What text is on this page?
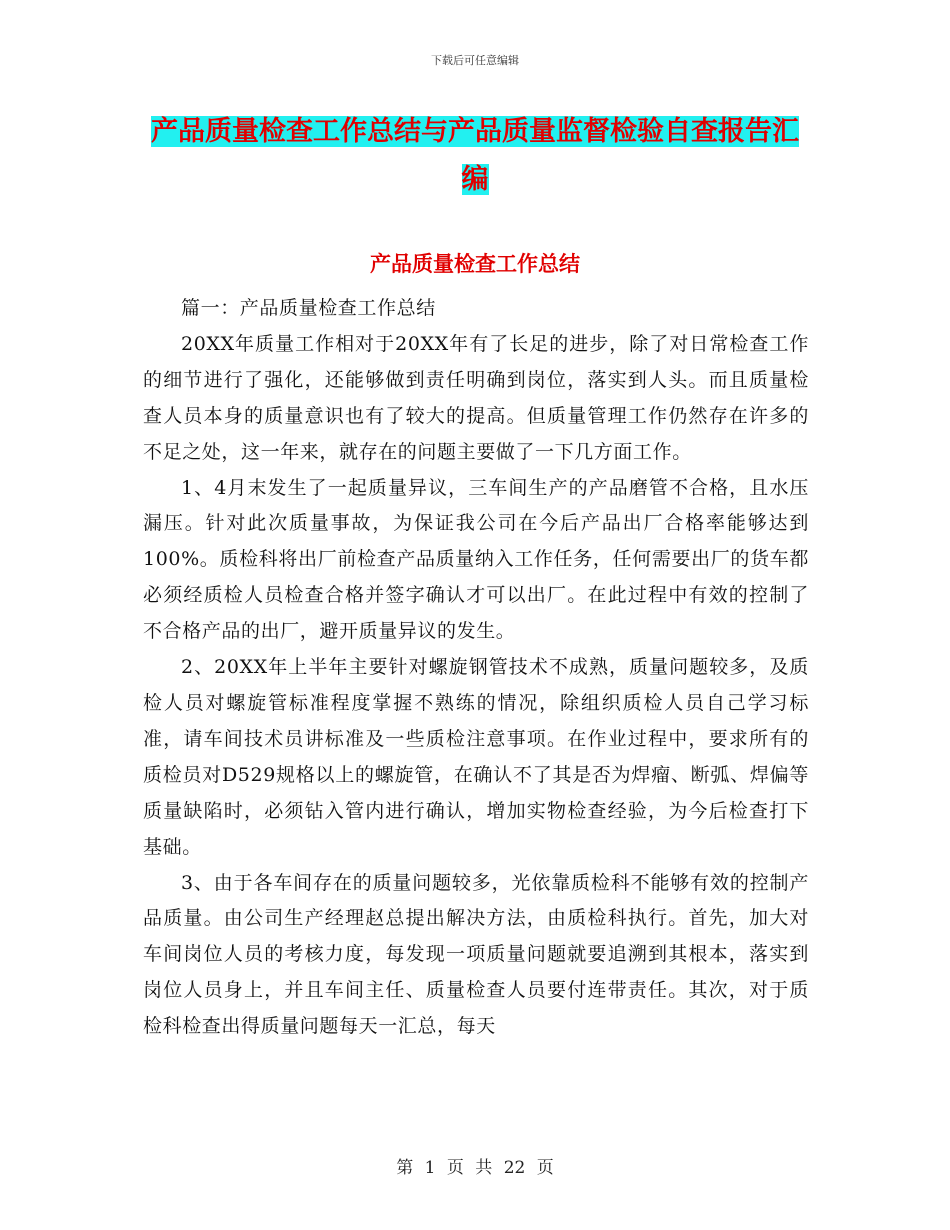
下载后可任意编辑
产品质量检查工作总结与产品质量监督检验自查报告汇编
产品质量检查工作总结

篇一：产品质量检查工作总结

20XX年质量工作相对于20XX年有了长足的进步，除了对日常检查工作的细节进行了强化，还能够做到责任明确到岗位，落实到人头。而且质量检查人员本身的质量意识也有了较大的提高。但质量管理工作仍然存在许多的不足之处，这一年来，就存在的问题主要做了一下几方面工作。

1、4月末发生了一起质量异议，三车间生产的产品磨管不合格，且水压漏压。针对此次质量事故，为保证我公司在今后产品出厂合格率能够达到100%。质检科将出厂前检查产品质量纳入工作任务，任何需要出厂的货车都必须经质检人员检查合格并签字确认才可以出厂。在此过程中有效的控制了不合格产品的出厂，避开质量异议的发生。

2、20XX年上半年主要针对螺旋钢管技术不成熟，质量问题较多，及质检人员对螺旋管标准程度掌握不熟练的情况，除组织质检人员自己学习标准，请车间技术员讲标准及一些质检注意事项。在作业过程中，要求所有的质检员对D529规格以上的螺旋管，在确认不了其是否为焊瘤、断弧、焊偏等质量缺陷时，必须钻入管内进行确认，增加实物检查经验，为今后检查打下基础。

3、由于各车间存在的质量问题较多，光依靠质检科不能够有效的控制产品质量。由公司生产经理赵总提出解决方法，由质检科执行。首先，加大对车间岗位人员的考核力度，每发现一项质量问题就要追溯到其根本，落实到岗位人员身上，并且车间主任、质量检查人员要付连带责任。其次，对于质检科检查出得质量问题每天一汇总，每天

第 1 页 共 22 页
